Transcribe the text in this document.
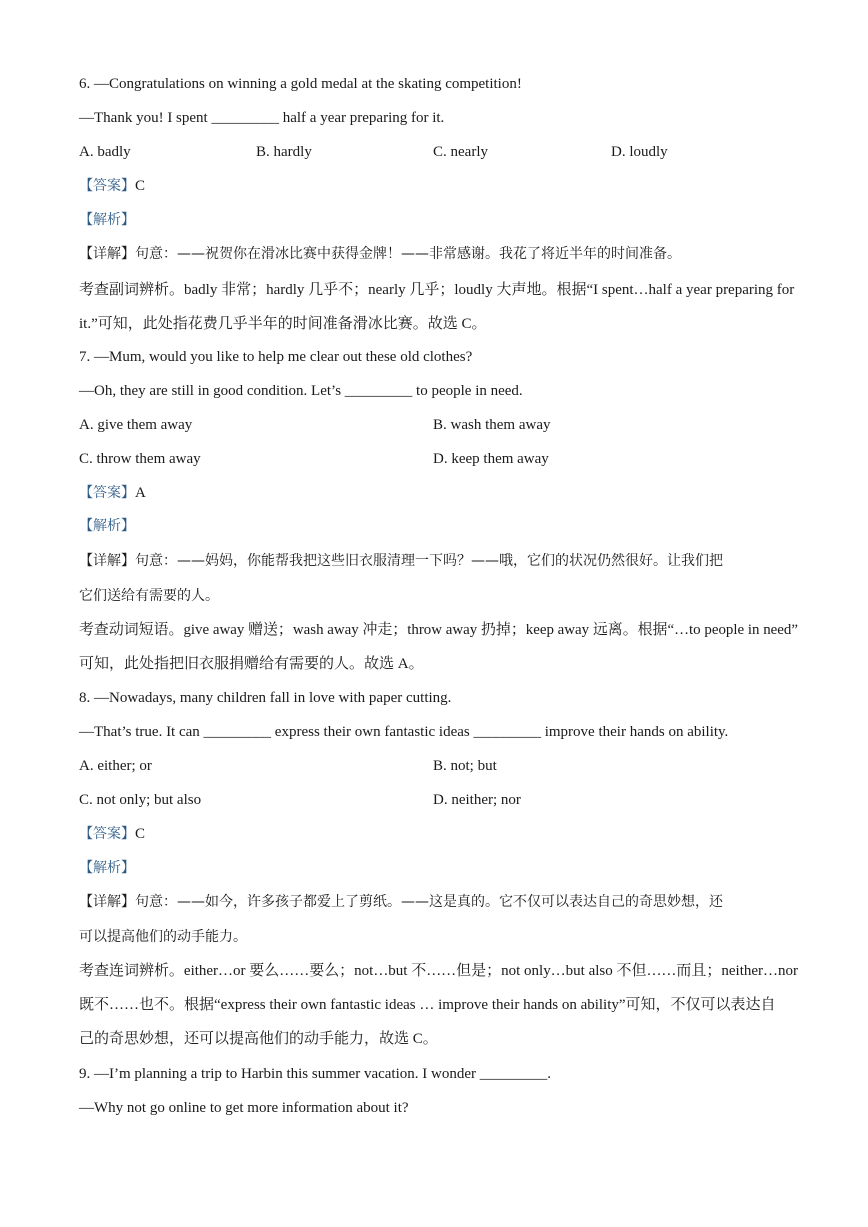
6. —Congratulations on winning a gold medal at the skating competition!
—Thank you! I spent _________ half a year preparing for it.
A. badly	B. hardly	C. nearly	D. loudly
【答案】C
【解析】
【详解】句意：——祝贺你在滑冰比赛中获得金牌！——非常感谢。我花了将近半年的时间准备。
考查副词辨析。badly 非常；hardly 几乎不；nearly 几乎；loudly 大声地。根据“I spent…half a year preparing for
it.”可知，此处指花费几乎半年的时间准备滑冰比赛。故选 C。
7. —Mum, would you like to help me clear out these old clothes?
—Oh, they are still in good condition. Let’s _________ to people in need.
A. give them away	B. wash them away
C. throw them away	D. keep them away
【答案】A
【解析】
【详解】句意：——妈妈，你能帮我把这些旧衣服清理一下吗？——哦，它们的状况仍然很好。让我们把
它们送给有需要的人。
考查动词短语。give away 赠送；wash away 冲走；throw away 扔掉；keep away 远离。根据“…to people in need”
可知，此处指把旧衣服捐赠给有需要的人。故选 A。
8. —Nowadays, many children fall in love with paper cutting.
—That’s true. It can _________ express their own fantastic ideas _________ improve their hands on ability.
A. either; or	B. not; but
C. not only; but also	D. neither; nor
【答案】C
【解析】
【详解】句意：——如今，许多孩子都爱上了剪纸。——这是真的。它不仅可以表达自己的奇思妙想，还
可以提高他们的动手能力。
考查连词辨析。either…or 要么……要么；not…but 不……但是；not only…but also 不但……而且；neither…nor
既不……也不。根据“express their own fantastic ideas … improve their hands on ability”可知，不仅可以表达自
己的奇思妙想，还可以提高他们的动手能力，故选 C。
9. —I’m planning a trip to Harbin this summer vacation. I wonder _________.
—Why not go online to get more information about it?
